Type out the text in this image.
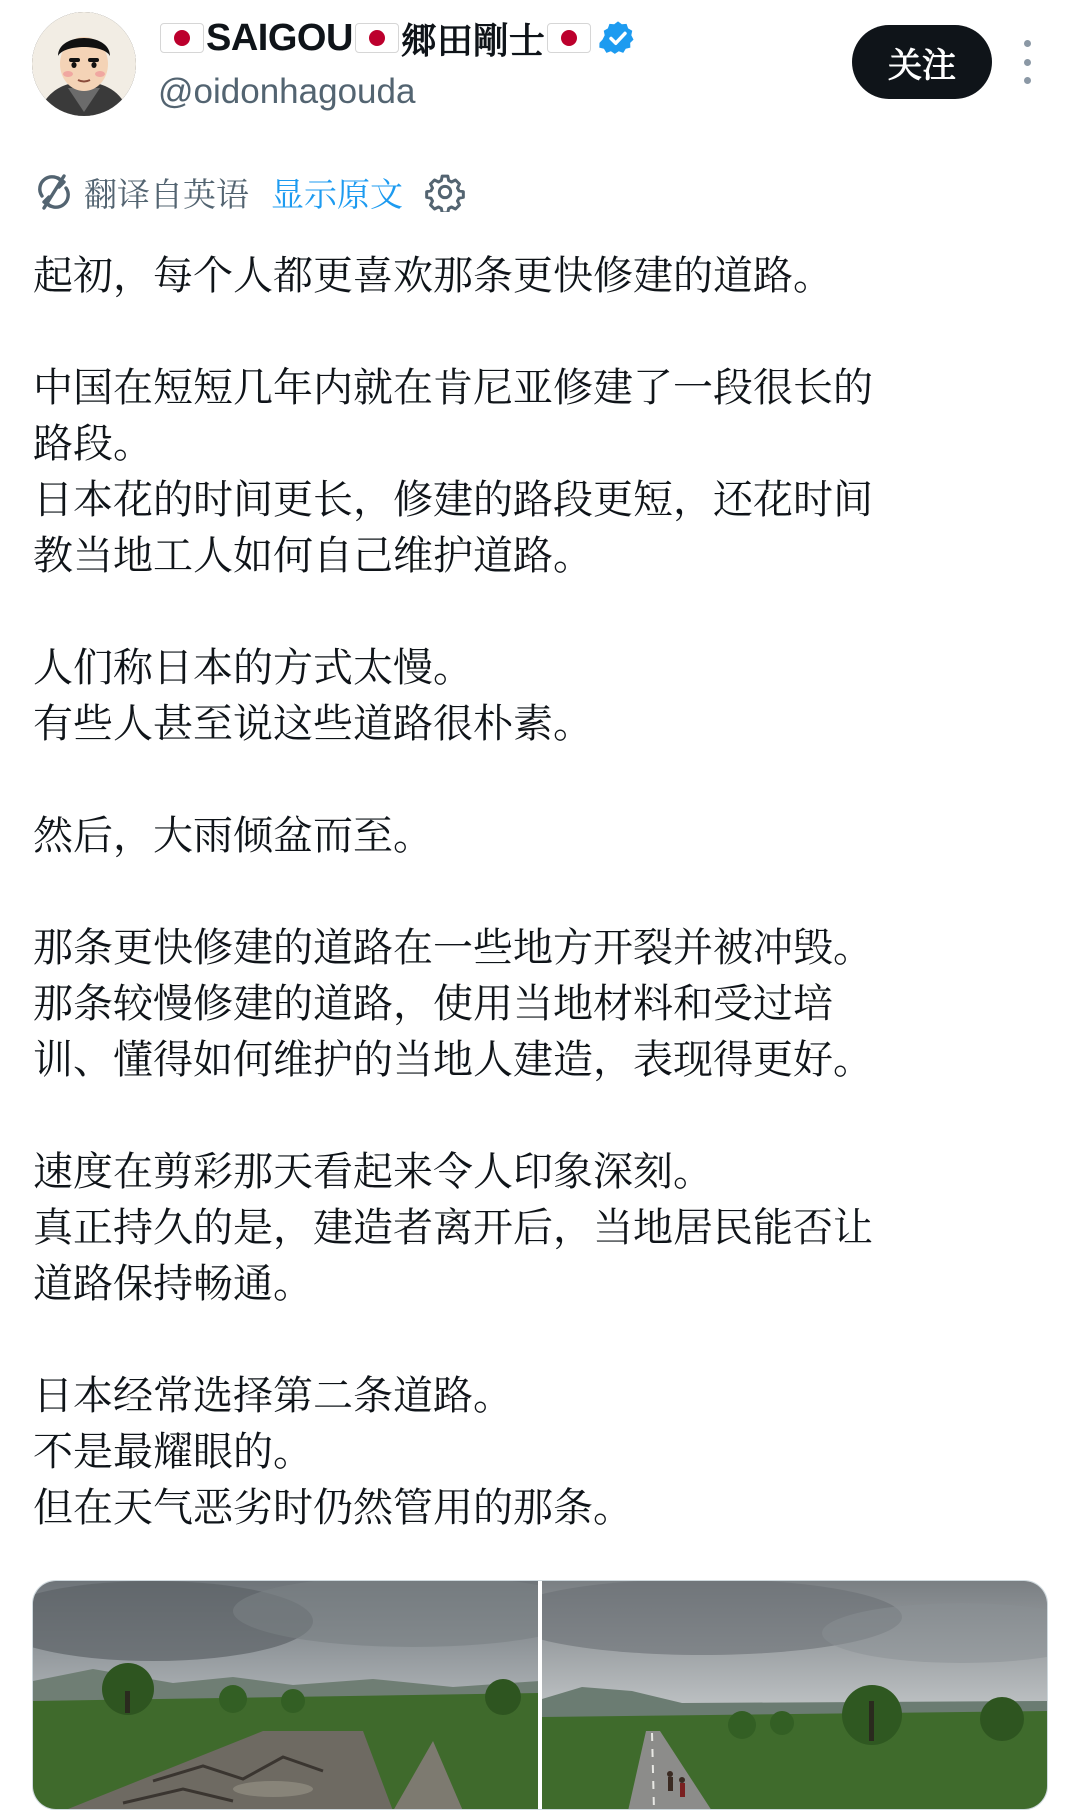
SAIGOU 郷田剛士
@oidonhagouda
关注
翻译自英语 显示原文

起初，每个人都更喜欢那条更快修建的道路。

中国在短短几年内就在肯尼亚修建了一段很长的

路段。

日本花的时间更长，修建的路段更短，还花时间

教当地工人如何自己维护道路。

人们称日本的方式太慢。

有些人甚至说这些道路很朴素。

然后，大雨倾盆而至。

那条更快修建的道路在一些地方开裂并被冲毁。

那条较慢修建的道路，使用当地材料和受过培

训、懂得如何维护的当地人建造，表现得更好。

速度在剪彩那天看起来令人印象深刻。

真正持久的是，建造者离开后，当地居民能否让

道路保持畅通。

日本经常选择第二条道路。

不是最耀眼的。

但在天气恶劣时仍然管用的那条。
